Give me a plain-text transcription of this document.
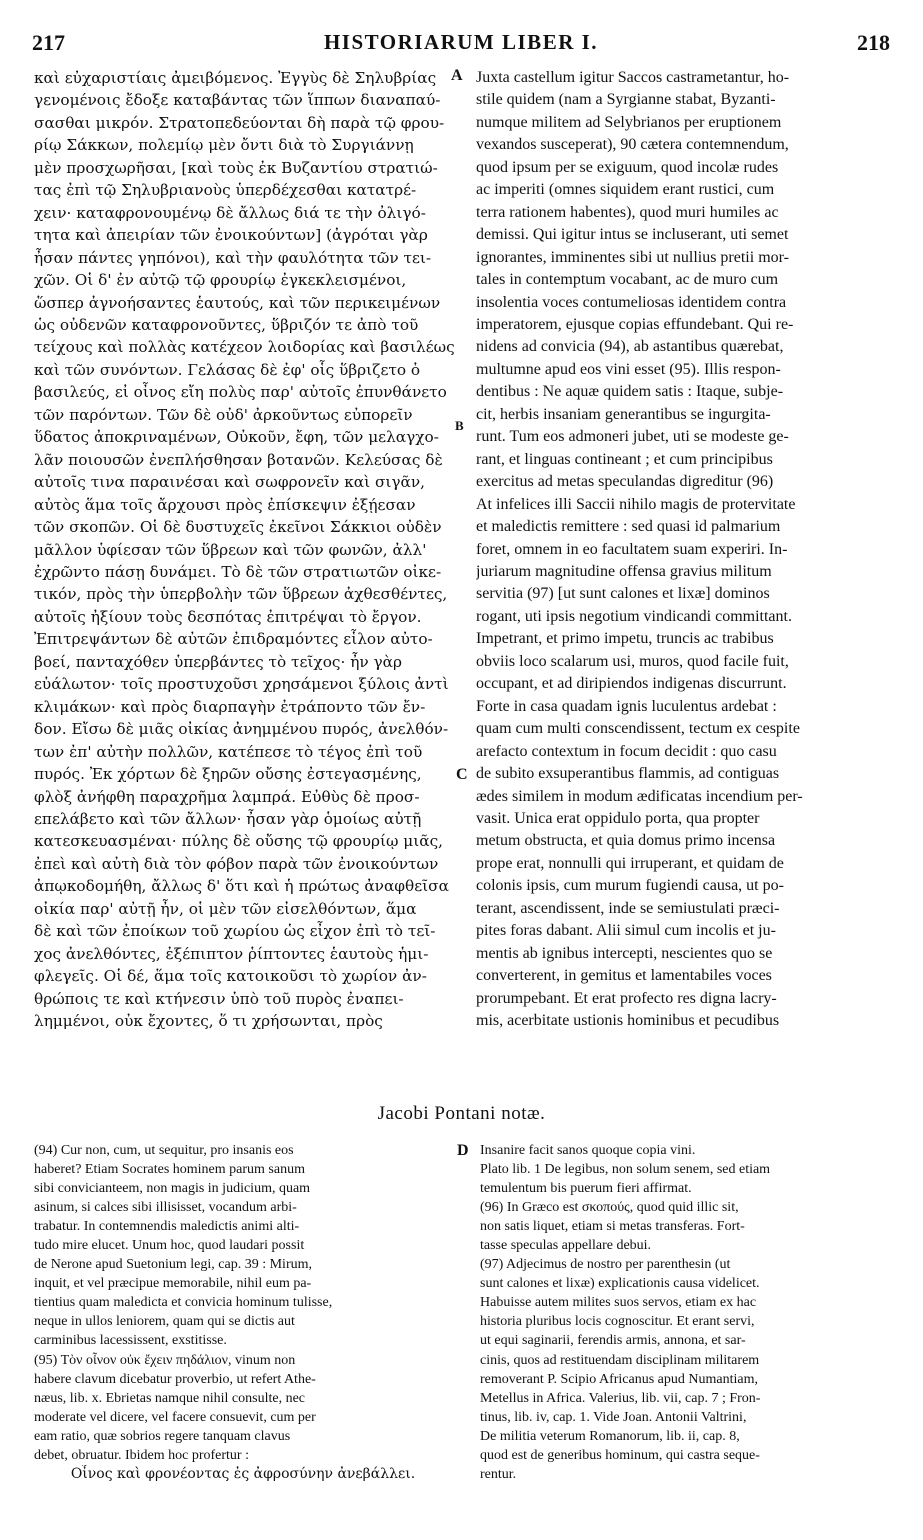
217	HISTORIARUM LIBER I.	218
A
B
C
D
καὶ εὐχαριστίαις ἀμειβόμενος. Ἐγγὺς δὲ Σηλυβρίας
γενομένοις ἔδοξε καταβάντας τῶν ἵππων διαναπαύ-
σασθαι μικρόν. Στρατοπεδεύονται δὴ παρὰ τῷ φρου-
ρίῳ Σάκκων, πολεμίῳ μὲν ὄντι διὰ τὸ Συργιάννῃ
μὲν προσχωρῆσαι, [καὶ τοὺς ἐκ Βυζαντίου στρατιώ-
τας ἐπὶ τῷ Σηλυβριανοὺς ὑπερδέχεσθαι κατατρέ-
χειν· καταφρονουμένῳ δὲ ἄλλως διά τε τὴν ὀλιγό-
τητα καὶ ἀπειρίαν τῶν ἐνοικούντων] (ἀγρόται γὰρ
ἦσαν πάντες γηπόνοι), καὶ τὴν φαυλότητα τῶν τει-
χῶν. Οἱ δ' ἐν αὐτῷ τῷ φρουρίῳ ἐγκεκλεισμένοι,
ὥσπερ ἀγνοήσαντες ἑαυτούς, καὶ τῶν περικειμένων
ὡς οὐδενῶν καταφρονοῦντες, ὕβριζόν τε ἀπὸ τοῦ
τείχους καὶ πολλὰς κατέχεον λοιδορίας καὶ βασιλέως
καὶ τῶν συνόντων. Γελάσας δὲ ἐφ' οἷς ὕβριζετο ὁ
βασιλεύς, εἰ οἶνος εἴη πολὺς παρ' αὐτοῖς ἐπυνθάνετο
τῶν παρόντων. Τῶν δὲ οὐδ' ἀρκοῦντως εὐπορεῖν
ὕδατος ἀποκριναμένων, Οὐκοῦν, ἔφη, τῶν μελαγχο-
λᾶν ποιουσῶν ἐνεπλήσθησαν βοτανῶν. Κελεύσας δὲ
αὐτοῖς τινα παραινέσαι καὶ σωφρονεῖν καὶ σιγᾶν,
αὐτὸς ἅμα τοῖς ἄρχουσι πρὸς ἐπίσκεψιν ἐξῄεσαν
τῶν σκοπῶν. Οἱ δὲ δυστυχεῖς ἐκεῖνοι Σάκκιοι οὐδὲν
μᾶλλον ὑφίεσαν τῶν ὕβρεων καὶ τῶν φωνῶν, ἀλλ'
ἐχρῶντο πάσῃ δυνάμει. Τὸ δὲ τῶν στρατιωτῶν οἰκε-
τικόν, πρὸς τὴν ὑπερβολὴν τῶν ὕβρεων ἀχθεσθέντες,
αὐτοῖς ἠξίουν τοὺς δεσπότας ἐπιτρέψαι τὸ ἔργον.
Ἐπιτρεψάντων δὲ αὐτῶν ἐπιδραμόντες εἷλον αὐτο-
βοεί, πανταχόθεν ὑπερβάντες τὸ τεῖχος· ἦν γὰρ
εὐάλωτον· τοῖς προστυχοῦσι χρησάμενοι ξύλοις ἀντὶ
κλιμάκων· καὶ πρὸς διαρπαγὴν ἐτράποντο τῶν ἔν-
δον. Εἴσω δὲ μιᾶς οἰκίας ἀνημμένου πυρός, ἀνελθόν-
των ἐπ' αὐτὴν πολλῶν, κατέπεσε τὸ τέγος ἐπὶ τοῦ
πυρός. Ἐκ χόρτων δὲ ξηρῶν οὔσης ἐστεγασμένης,
φλὸξ ἀνήφθη παραχρῆμα λαμπρά. Εὐθὺς δὲ προσ-
επελάβετο καὶ τῶν ἄλλων· ἦσαν γὰρ ὁμοίως αὐτῇ
κατεσκευασμέναι· πύλης δὲ οὔσης τῷ φρουρίῳ μιᾶς,
ἐπεὶ καὶ αὐτὴ διὰ τὸν φόβον παρὰ τῶν ἐνοικούντων
ἀπῳκοδομήθη, ἄλλως δ' ὅτι καὶ ἡ πρώτως ἀναφθεῖσα
οἰκία παρ' αὐτῇ ἦν, οἱ μὲν τῶν εἰσελθόντων, ἅμα
δὲ καὶ τῶν ἐποίκων τοῦ χωρίου ὡς εἶχον ἐπὶ τὸ τεῖ-
χος ἀνελθόντες, ἐξέπιπτον ῥίπτοντες ἑαυτοὺς ἡμι-
φλεγεῖς. Οἱ δέ, ἅμα τοῖς κατοικοῦσι τὸ χωρίον ἀν-
θρώποις τε καὶ κτήνεσιν ὑπὸ τοῦ πυρὸς ἐναπει-
λημμένοι, οὐκ ἔχοντες, ὅ τι χρήσωνται, πρὸς
Juxta castellum igitur Saccos castrametantur, ho-
stile quidem (nam a Syrgianne stabat, Byzanti-
numque militem ad Selybrianos per eruptionem
vexandos susceperat), 90 cætera contemnendum,
quod ipsum per se exiguum, quod incolæ rudes
ac imperiti (omnes siquidem erant rustici, cum
terra rationem habentes), quod muri humiles ac
demissi. Qui igitur intus se incluserant, uti semet
ignorantes, imminentes sibi ut nullius pretii mor-
tales in contemptum vocabant, ac de muro cum
insolentia voces contumeliosas identidem contra
imperatorem, ejusque copias effundebant. Qui re-
nidens ad convicia (94), ab astantibus quærebat,
multumne apud eos vini esset (95). Illis respon-
dentibus : Ne aquæ quidem satis : Itaque, subje-
cit, herbis insaniam generantibus se ingurgita-
runt. Tum eos admoneri jubet, uti se modeste ge-
rant, et linguas contineant ; et cum principibus
exercitus ad metas speculandas digreditur (96)
At infelices illi Saccii nihilo magis de protervitate
et maledictis remittere : sed quasi id palmarium
foret, omnem in eo facultatem suam experiri. In-
juriarum magnitudine offensa gravius militum
servitia (97) [ut sunt calones et lixæ] dominos
rogant, uti ipsis negotium vindicandi committant.
Impetrant, et primo impetu, truncis ac trabibus
obviis loco scalarum usi, muros, quod facile fuit,
occupant, et ad diripiendos indigenas discurrunt.
Forte in casa quadam ignis luculentus ardebat :
quam cum multi conscendissent, tectum ex cespite
arefacto contextum in focum decidit : quo casu
de subito exsuperantibus flammis, ad contiguas
ædes similem in modum ædificatas incendium per-
vasit. Unica erat oppidulo porta, qua propter
metum obstructa, et quia domus primo incensa
prope erat, nonnulli qui irruperant, et quidam de
colonis ipsis, cum murum fugiendi causa, ut po-
terant, ascendissent, inde se semiustulati præci-
pites foras dabant. Alii simul cum incolis et ju-
mentis ab ignibus intercepti, nescientes quo se
converterent, in gemitus et lamentabiles voces
prorumpebant. Et erat profecto res digna lacry-
mis, acerbitate ustionis hominibus et pecudibus
Jacobi Pontani notæ.
(94) Cur non, cum, ut sequitur, pro insanis eos
haberet? Etiam Socrates hominem parum sanum
sibi convicianteem, non magis in judicium, quam
asinum, si calces sibi illisisset, vocandum arbi-
trabatur. In contemnendis maledictis animi alti-
tudo mire elucet. Unum hoc, quod laudari possit
de Nerone apud Suetonium legi, cap. 39 : Mirum,
inquit, et vel præcipue memorabile, nihil eum pa-
tientius quam maledicta et convicia hominum tulisse,
neque in ullos leniorem, quam qui se dictis aut
carminibus lacessissent, exstitisse.
(95) Τὸν οἶνον οὐκ ἔχειν πηδάλιον, vinum non
habere clavum dicebatur proverbio, ut refert Athe-
næus, lib. x. Ebrietas namque nihil consulte, nec
moderate vel dicere, vel facere consuevit, cum per
eam ratio, quæ sobrios regere tanquam clavus
debet, obruatur. Ibidem hoc profertur :
Οἶνος καὶ φρονέοντας ἐς ἀφροσύνην ἀνεβάλλει.
Insanire facit sanos quoque copia vini.
Plato lib. 1 De legibus, non solum senem, sed etiam
temulentum bis puerum fieri affirmat.
(96) In Græco est σκοπούς, quod quid illic sit,
non satis liquet, etiam si metas transferas. Fort-
tasse speculas appellare debui.
(97) Adjecimus de nostro per parenthesin (ut
sunt calones et lixæ) explicationis causa videlicet.
Habuisse autem milites suos servos, etiam ex hac
historia pluribus locis cognoscitur. Et erant servi,
ut equi saginarii, ferendis armis, annona, et sar-
cinis, quos ad restituendam disciplinam militarem
removerant P. Scipio Africanus apud Numantiam,
Metellus in Africa. Valerius, lib. vii, cap. 7 ; Fron-
tinus, lib. iv, cap. 1. Vide Joan. Antonii Valtrini,
De militia veterum Romanorum, lib. ii, cap. 8,
quod est de generibus hominum, qui castra seque-
rentur.
